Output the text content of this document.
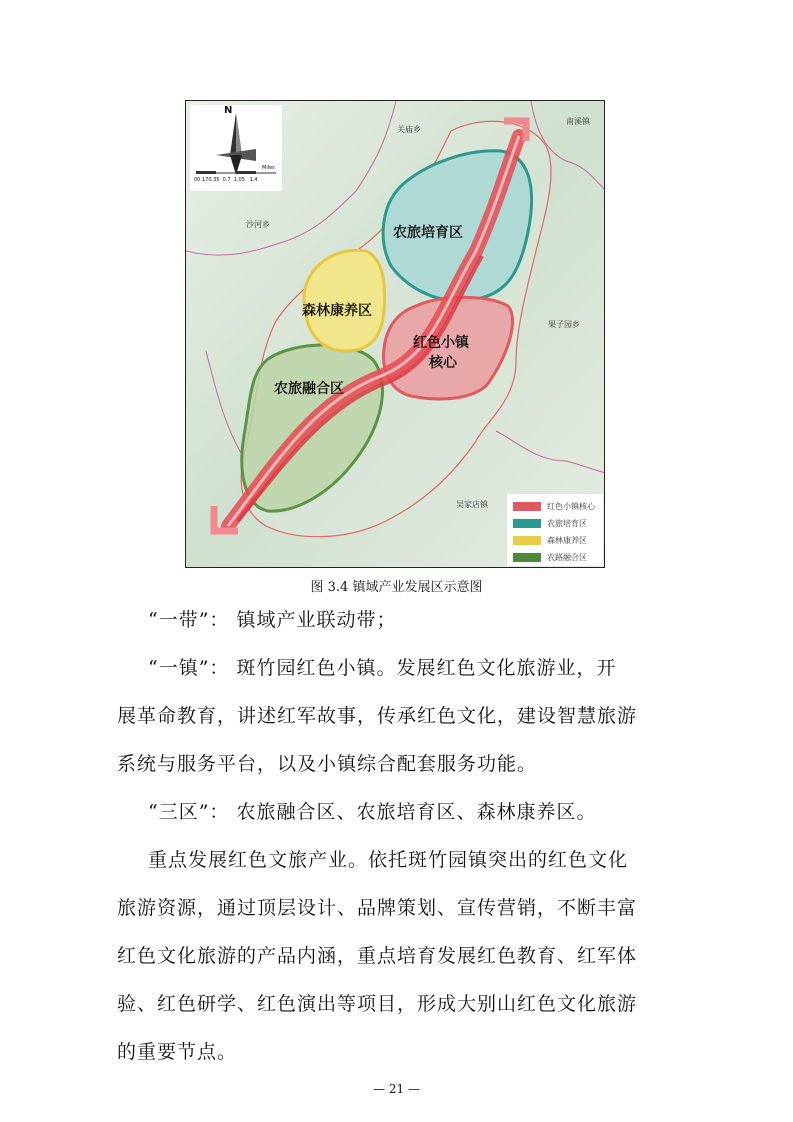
N
Miles
00.170.35  0.7  1.05   1.4
关庙乡
南溪镇
沙河乡
果子园乡
吴家店镇
农旅培育区
森林康养区
红色小镇
核心
农旅融合区
红色小镇核心
农旅培育区
森林康养区
农路融合区
图 3.4 镇域产业发展区示意图
“一带”： 镇域产业联动带；
“一镇”： 斑竹园红色小镇。发展红色文化旅游业，开
展革命教育，讲述红军故事，传承红色文化，建设智慧旅游
系统与服务平台，以及小镇综合配套服务功能。
“三区”： 农旅融合区、农旅培育区、森林康养区。
重点发展红色文旅产业。依托斑竹园镇突出的红色文化
旅游资源，通过顶层设计、品牌策划、宣传营销，不断丰富
红色文化旅游的产品内涵，重点培育发展红色教育、红军体
验、红色研学、红色演出等项目，形成大别山红色文化旅游
的重要节点。
— 21 —
